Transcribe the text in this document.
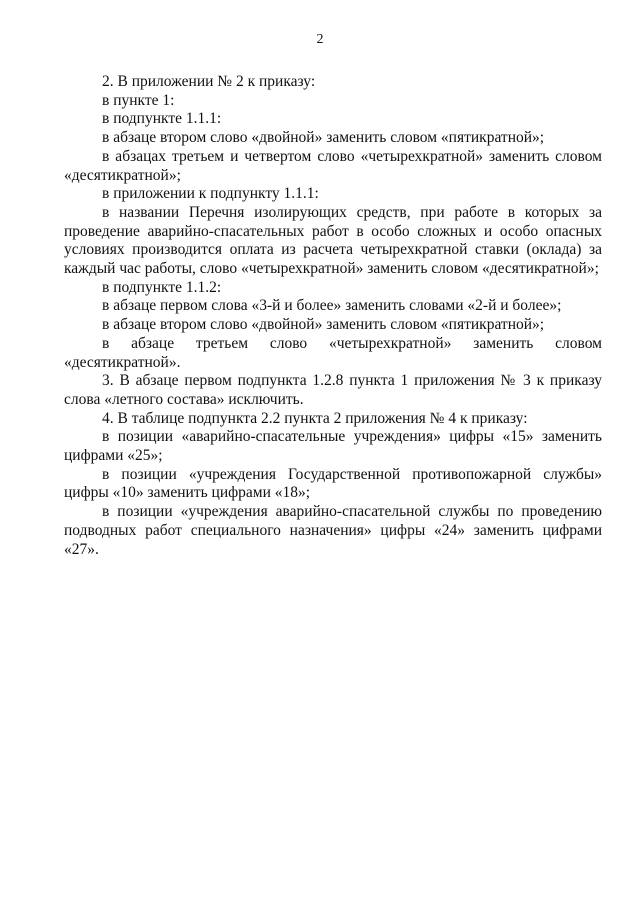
2

2. В приложении № 2 к приказу:

в пункте 1:

в подпункте 1.1.1:

в абзаце втором слово «двойной» заменить словом «пятикратной»;

в абзацах третьем и четвертом слово «четырехкратной» заменить словом «десятикратной»;

в приложении к подпункту 1.1.1:

в названии Перечня изолирующих средств, при работе в которых за проведение аварийно-спасательных работ в особо сложных и особо опасных условиях производится оплата из расчета четырехкратной ставки (оклада) за каждый час работы, слово «четырехкратной» заменить словом «десятикратной»;

в подпункте 1.1.2:

в абзаце первом слова «3-й и более» заменить словами «2-й и более»;

в абзаце втором слово «двойной» заменить словом «пятикратной»;

в абзаце третьем слово «четырехкратной» заменить словом «десятикратной».

3. В абзаце первом подпункта 1.2.8 пункта 1 приложения № 3 к приказу слова «летного состава» исключить.

4. В таблице подпункта 2.2 пункта 2 приложения № 4 к приказу:

в позиции «аварийно-спасательные учреждения» цифры «15» заменить цифрами «25»;

в позиции «учреждения Государственной противопожарной службы» цифры «10» заменить цифрами «18»;

в позиции «учреждения аварийно-спасательной службы по проведению подводных работ специального назначения» цифры «24» заменить цифрами «27».
